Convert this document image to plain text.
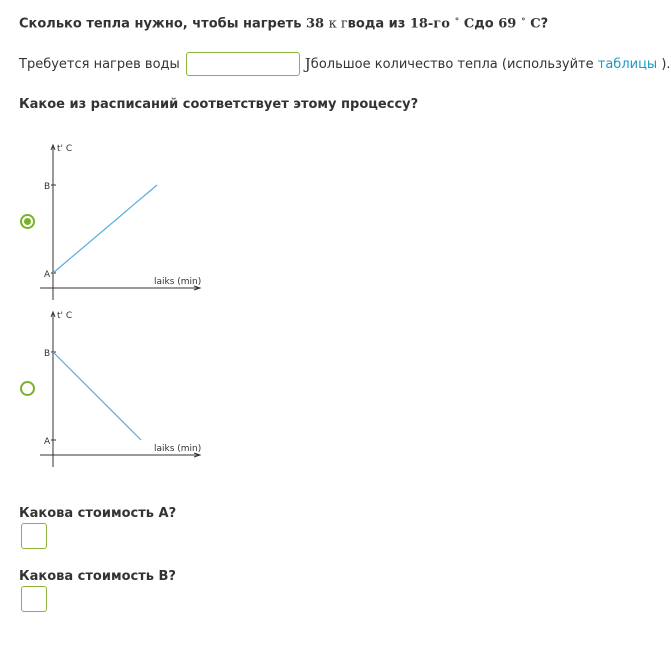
Сколько тепла нужно, чтобы нагреть 38 к гвода из 18-го ∘ Cдо 69 ∘ C?
Требуется нагрев воды	J большое количество тепла (используйте
таблицы
).
Какое из расписаний соответствует этому процессу?
t' C
laiks (min)
B
A
t' C
laiks (min)
B
A
Какова стоимость A?
Какова стоимость B?
